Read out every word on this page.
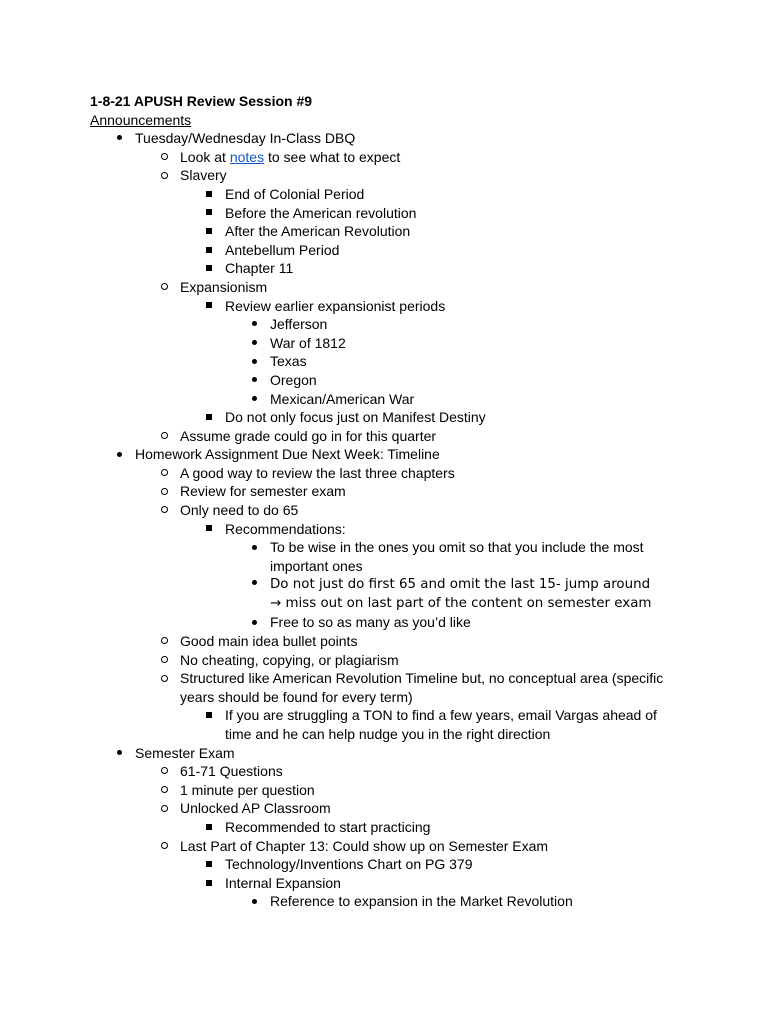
1-8-21 APUSH Review Session #9
Announcements
Tuesday/Wednesday In-Class DBQ
Look at notes to see what to expect
Slavery
End of Colonial Period
Before the American revolution
After the American Revolution
Antebellum Period
Chapter 11
Expansionism
Review earlier expansionist periods
Jefferson
War of 1812
Texas
Oregon
Mexican/American War
Do not only focus just on Manifest Destiny
Assume grade could go in for this quarter
Homework Assignment Due Next Week: Timeline
A good way to review the last three chapters
Review for semester exam
Only need to do 65
Recommendations:
To be wise in the ones you omit so that you include the most important ones
Do not just do first 65 and omit the last 15- jump around → miss out on last part of the content on semester exam
Free to so as many as you’d like
Good main idea bullet points
No cheating, copying, or plagiarism
Structured like American Revolution Timeline but, no conceptual area (specific years should be found for every term)
If you are struggling a TON to find a few years, email Vargas ahead of time and he can help nudge you in the right direction
Semester Exam
61-71 Questions
1 minute per question
Unlocked AP Classroom
Recommended to start practicing
Last Part of Chapter 13: Could show up on Semester Exam
Technology/Inventions Chart on PG 379
Internal Expansion
Reference to expansion in the Market Revolution
